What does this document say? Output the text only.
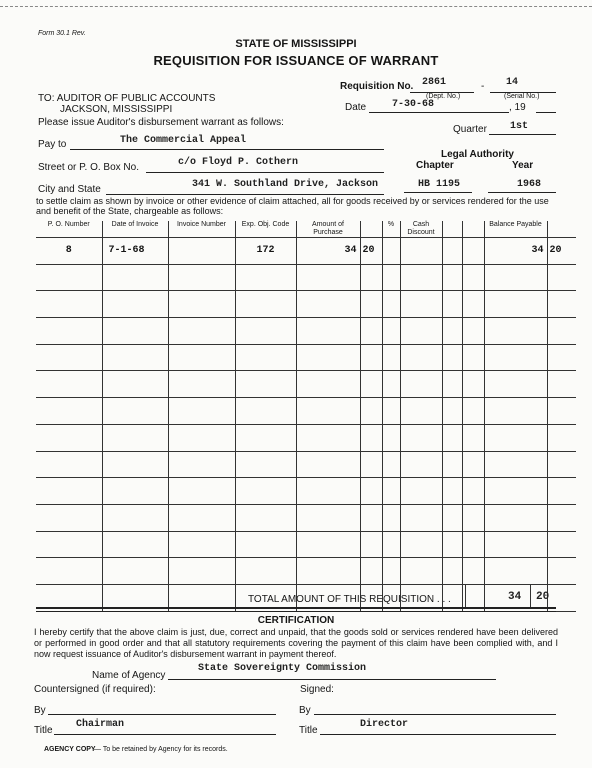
Form 30.1 Rev.
STATE OF MISSISSIPPI
REQUISITION FOR ISSUANCE OF WARRANT
Requisition No. 2861	- 14
(Dept. No.)	(Serial No.)
Date	7-30-68	, 19
Quarter 1st
TO: AUDITOR OF PUBLIC ACCOUNTS
JACKSON, MISSISSIPPI
Please issue Auditor's disbursement warrant as follows:
Pay to	The Commercial Appeal
Street or P. O. Box No.	c/o Floyd P. Cothern
City and State	341 W. Southland Drive, Jackson
Legal Authority
Chapter	Year
HB 1195	1968
to settle claim as shown by invoice or other evidence of claim attached, all for goods received by or services rendered for the use and benefit of the State, chargeable as follows:
P. O. Number	Date of Invoice	Invoice Number	Exp. Obj. Code	Amount of Purchase		%	Cash Discount			Balance Payable	
8	7-1-68		172	34	20					34	20

TOTAL AMOUNT OF THIS REQUISITION . . .	34 20
CERTIFICATION
I hereby certify that the above claim is just, due, correct and unpaid, that the goods sold or services rendered have been delivered or performed in good order and that all statutory requirements covering the payment of this claim have been complied with, and I now request issuance of Auditor's disbursement warrant in payment thereof.
Name of Agency
State Sovereignty Commission
Countersigned (if required):	Signed:
By	By
Title
Chairman
Title
Director
AGENCY COPY
— To be retained by Agency for its records.
